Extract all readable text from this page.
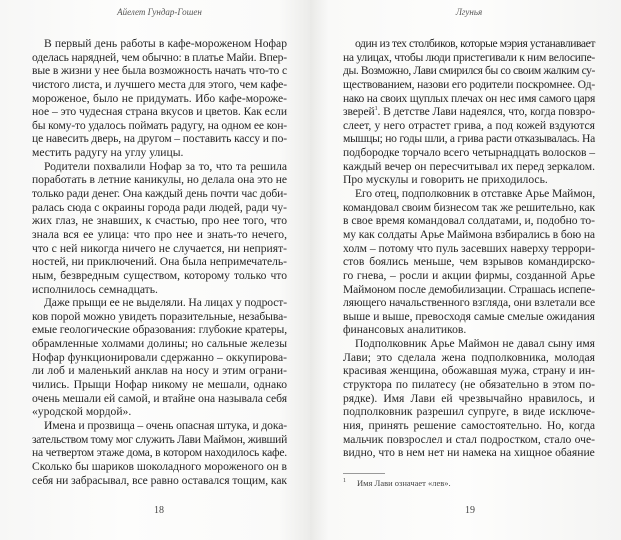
Айелет Гундар-Гошен
В первый день работы в кафе-мороженом Нофар
оделась нарядней, чем обычно: в платье Майи. Впер-
вые в жизни у нее была возможность начать что-то с
чистого листа, и лучшего места для этого, чем кафе-
мороженое, было не придумать. Ибо кафе-мороже-
ное – это чудесная страна вкусов и цветов. Как если
бы кому-то удалось поймать радугу, на одном ее кон-
це навесить дверь, на другом – поставить кассу и по-
местить радугу на углу улицы.
Родители похвалили Нофар за то, что та решила
поработать в летние каникулы, но делала она это не
только ради денег. Она каждый день почти час доби-
ралась сюда с окраины города ради людей, ради чу-
жих глаз, не знавших, к счастью, про нее того, что
знала вся ее улица: что про нее и знать-то нечего,
что с ней никогда ничего не случается, ни неприят-
ностей, ни приключений. Она была непримечатель-
ным, безвредным существом, которому только что
исполнилось семнадцать.
Даже прыщи ее не выделяли. На лицах у подрост-
ков порой можно увидеть поразительные, незабыва-
емые геологические образования: глубокие кратеры,
обрамленные холмами долины; но сальные железы
Нофар функционировали сдержанно – оккупирова-
ли лоб и маленький анклав на носу и этим ограни-
чились. Прыщи Нофар никому не мешали, однако
очень мешали ей самой, и втайне она называла себя
«уродской мордой».
Имена и прозвища – очень опасная штука, и дока-
зательством тому мог служить Лави Маймон, живший
на четвертом этаже дома, в котором находилось кафе.
Сколько бы шариков шоколадного мороженого он в
себя ни забрасывал, все равно оставался тощим, как
18
Лгунья
один из тех столбиков, которые мэрия устанавливает
на улицах, чтобы люди пристегивали к ним велосипе-
ды. Возможно, Лави смирился бы со своим жалким су-
ществованием, назови его родители поскромнее. Од-
нако на своих щуплых плечах он нес имя самого царя
зверей$^1$. В детстве Лави надеялся, что, когда повзро-
слеет, у него отрастет грива, а под кожей вздуются
мышцы; но годы шли, а грива расти отказывалась. На
подбородке торчало всего четырнадцать волосков –
каждый вечер он пересчитывал их перед зеркалом.
Про мускулы и говорить не приходилось.
Его отец, подполковник в отставке Арье Маймон,
командовал своим бизнесом так же решительно, как
в свое время командовал солдатами, и, подобно то-
му как солдаты Арье Маймона взбирались в бою на
холм – потому что пуль засевших наверху террори-
стов боялись меньше, чем взрывов командирско-
го гнева, – росли и акции фирмы, созданной Арье
Маймоном после демобилизации. Страшась испепе-
ляющего начальственного взгляда, они взлетали все
выше и выше, превосходя самые смелые ожидания
финансовых аналитиков.
Подполковник Арье Маймон не давал сыну имя
Лави; это сделала жена подполковника, молодая
красивая женщина, обожавшая мужа, страну и ин-
структора по пилатесу (не обязательно в этом по-
рядке). Имя Лави ей чрезвычайно нравилось, и
подполковник разрешил супруге, в виде исключе-
ния, принять решение самостоятельно. Но, когда
мальчик повзрослел и стал подростком, стало оче-
видно, что в нем нет ни намека на хищное обаяние
1 Имя Лави означает «лев».
19
